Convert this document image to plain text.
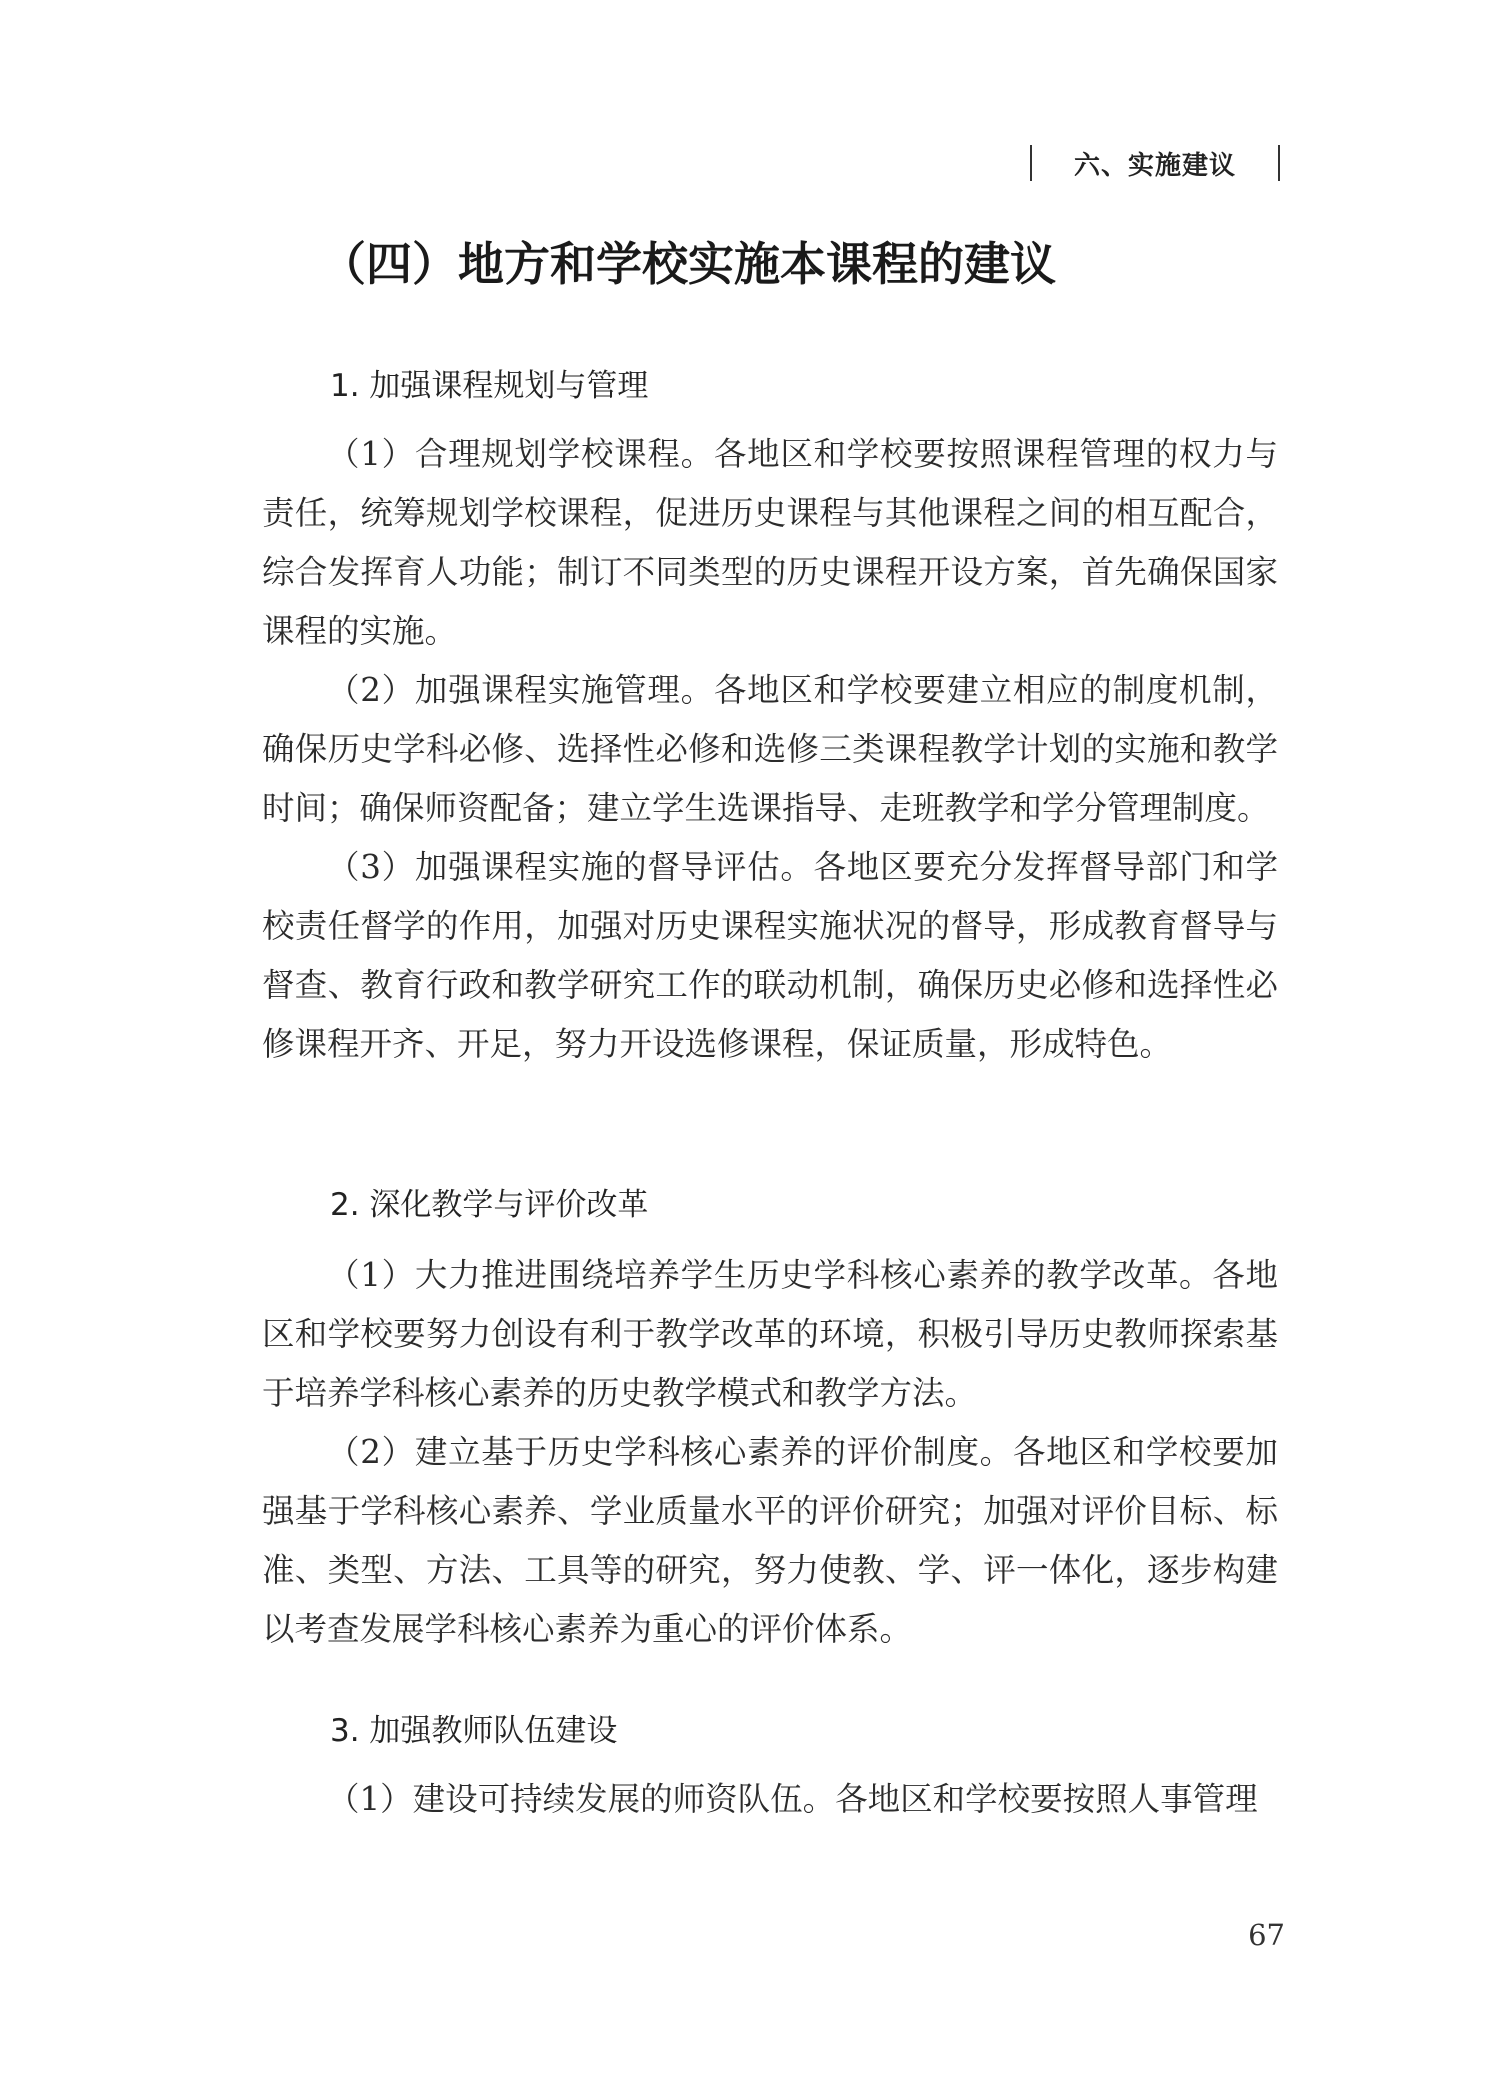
六、实施建议
（四）地方和学校实施本课程的建议
1. 加强课程规划与管理

（1）合理规划学校课程。各地区和学校要按照课程管理的权力与责任，统筹规划学校课程，促进历史课程与其他课程之间的相互配合，综合发挥育人功能；制订不同类型的历史课程开设方案，首先确保国家课程的实施。

（2）加强课程实施管理。各地区和学校要建立相应的制度机制，确保历史学科必修、选择性必修和选修三类课程教学计划的实施和教学时间；确保师资配备；建立学生选课指导、走班教学和学分管理制度。

（3）加强课程实施的督导评估。各地区要充分发挥督导部门和学校责任督学的作用，加强对历史课程实施状况的督导，形成教育督导与督查、教育行政和教学研究工作的联动机制，确保历史必修和选择性必修课程开齐、开足，努力开设选修课程，保证质量，形成特色。

2. 深化教学与评价改革

（1）大力推进围绕培养学生历史学科核心素养的教学改革。各地区和学校要努力创设有利于教学改革的环境，积极引导历史教师探索基于培养学科核心素养的历史教学模式和教学方法。

（2）建立基于历史学科核心素养的评价制度。各地区和学校要加强基于学科核心素养、学业质量水平的评价研究；加强对评价目标、标准、类型、方法、工具等的研究，努力使教、学、评一体化，逐步构建以考查发展学科核心素养为重心的评价体系。

3. 加强教师队伍建设

（1）建设可持续发展的师资队伍。各地区和学校要按照人事管理

67
